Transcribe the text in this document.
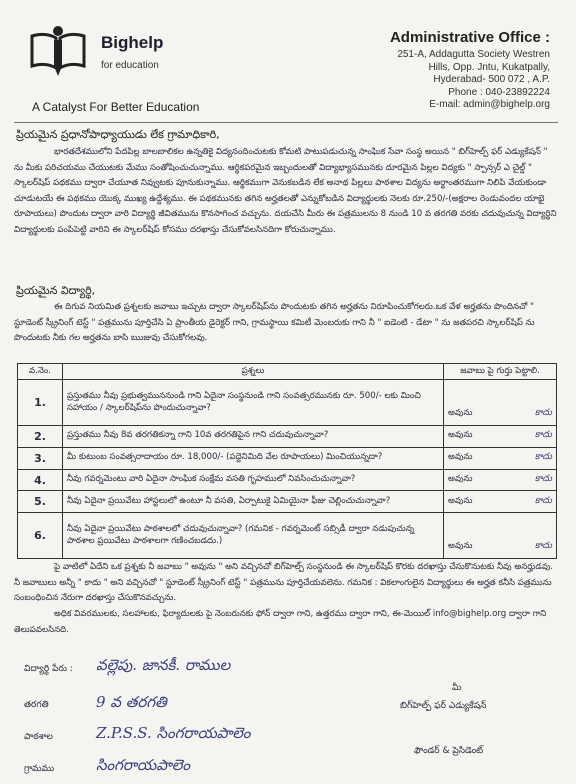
Bighelp
for education
A Catalyst For Better Education
Administrative Office :
251-A, Addagutta Society Westren
Hills, Opp. Jntu, Kukatpally,
Hyderabad- 500 072 , A.P.
Phone : 040-23892224
E-mail: admin@bighelp.org
ప్రియమైన ప్రధానోపాధ్యాయుడు లేక గ్రామాధికారి,
భారతదేశములోని పేదపిల్ల బాలబాలికల ఉన్నతికై విద్యనందించుటకు కోమటి పాటుపడుచున్న సాంఘిక సేవా సంస్థ అయిన " బిగ్‌హెల్ప్ ఫర్ ఎడ్యుకేషన్ " ను మీకు పరిచయము చేయుటకు మేము సంతోషించుచున్నాము. ఆర్థికపరమైన ఇబ్బందులతో విద్యాభ్యాసమునకు దూరమైన పిల్లల విద్యకు " స్పాన్సర్ ఎ చైల్డ్ " స్కాలర్‌షిప్ పథకము ద్వారా చేయూత నివ్వుటకు పూనుకున్నాము. ఆర్థికముగా వెనుకబడిన లేక అనాథ పిల్లలు పాఠశాల విద్యను అర్థాంతరముగా నిలిపి వేయకుండా చూడుటయే ఈ పథకము యొక్క ముఖ్య ఉద్దేశ్యము. ఈ పథకమునకు తగిన అర్హతలతో ఎన్నుకోబడిన విద్యార్థులకు నెలకు రూ.250/-(అక్షరాల రెండువందల యాభై రూపాయలు) పొందుట ద్వారా వారి విద్యార్థి జీవితమును కొనసాగించ వచ్చును. దయచేసి మీరు ఈ పత్రములను 8 నుండి 10 వ తరగతి వరకు చదువుచున్న విద్యార్థిని విద్యార్థులకు పంపిపెట్టి వారిని ఈ స్కాలర్‌షిప్ కోసము దరఖాస్తు చేసుకోవలసినదిగా కోరుచున్నాము.
ప్రియమైన విద్యార్థి,
ఈ దిగువ నియమిత ప్రశ్నలకు జవాబు ఇచ్చుట ద్వారా స్కాలర్‌షిప్‌ను పొందుటకు తగిన అర్హతను నిరూపించుకోగలరు.ఒక వేళ అర్హతను పొందినచో " స్టూడెంట్ స్క్రీనింగ్ టెస్ట్ " పత్రమును పూర్తిచేసి ఏ ప్రాంతీయ డైరెక్టర్ గాని, గ్రామస్థాయి కమిటీ మెంబరుకు గాని నీ " ఐడెంటి - డేటా " ను జతపరచి స్కాలర్‌షిప్ ను పొందుటకు నీకు గల అర్హతను బాసి ఋజువు చేసుకోగలవు.
వ.నెం.	ప్రశ్నలు	జవాబు పై గుర్తు పెట్టాలి.
1.	ప్రస్తుతము నీవు ప్రభుత్వముననుండి గాని ఏదైనా సంస్థనుండి గాని సంవత్సరమునకు రూ. 500/- లకు మించి సహాయం / స్కాలర్‌షిప్‌ను పొందుచున్నావా?	అవును కాదు

2.	ప్రస్తుతము నీవు 8వ తరగతికన్నా గాని 10వ తరగతిపైన గాని చదువుచున్నావా?	అవును కాదు

3.	మీ కుటుంబ సంవత్సరాదాయం రూ. 18,000/- (పద్దెనిమిది వేల రూపాయలు) మించియున్నదా?	అవును కాదు

4.	నీవు గవర్నమెంటు వారి ఏదైనా సాంఘిక సంక్షేమ వసతి గృహములో నివసించుచున్నావా?	అవును కాదు

5.	నీవు ఏదైనా ప్రయివేటు హాస్టలులో ఉంటూ నీ వసతి, ఏర్పాటుకై ఏమియైనా ఫీజు చెల్లించుచున్నావా?	అవును కాదు

6.	నీవు ఏదైనా ప్రయివేటు పాఠశాలలో చదువుచున్నావా? (గమనిక - గవర్నమెంట్ సబ్సిడీ ద్వారా నడుపుచున్న పాఠశాల ప్రయివేటు పాఠశాలగా గణించబడదు.)	అవును కాదు
పై వాటిలో ఏదేని ఒక ప్రశ్నకు నీ జవాబు " అవును " అని వచ్చినచో బిగ్‌హెల్ప్ సంస్థనుండి ఈ స్కాలర్‌షిప్ కొరకు దరఖాస్తు చేసుకొనుటకు నీవు అనర్హుడవు. నీ జవాబులు అన్నీ " కాదు " అని వచ్చినచో " స్టూడెంట్ స్క్రీనింగ్ టెస్ట్ " పత్రమును పూర్తిచేయవలెను. గమనిక : వికలాంగులైన విద్యార్థులు ఈ అర్హత కనీసి పత్రమును సంబంధించిన నేరుగా దరఖాస్తు చేసుకొనవచ్చును.
అధిక వివరములకు, సలహాలకు, ఫిర్యాదులకు పై నెంబరునకు ఫోన్ ద్వారా గాని, ఉత్తరము ద్వారా గాని, ఈ-మెయిల్ info@bighelp.org ద్వారా గాని తెలుపవలసినది.
విద్యార్థి పేరు : వల్లెపు. జానకీ. రాముల
తరగతి	9 వ తరగతి
పాఠశాల	Z.P.S.S. సింగరాయపాలెం
గ్రామము	సింగరాయపాలెం
మీ
బిగ్‌హెల్ప్ ఫర్ ఎడ్యుకేషన్
ఫౌండర్ & ప్రెసిడెంట్
